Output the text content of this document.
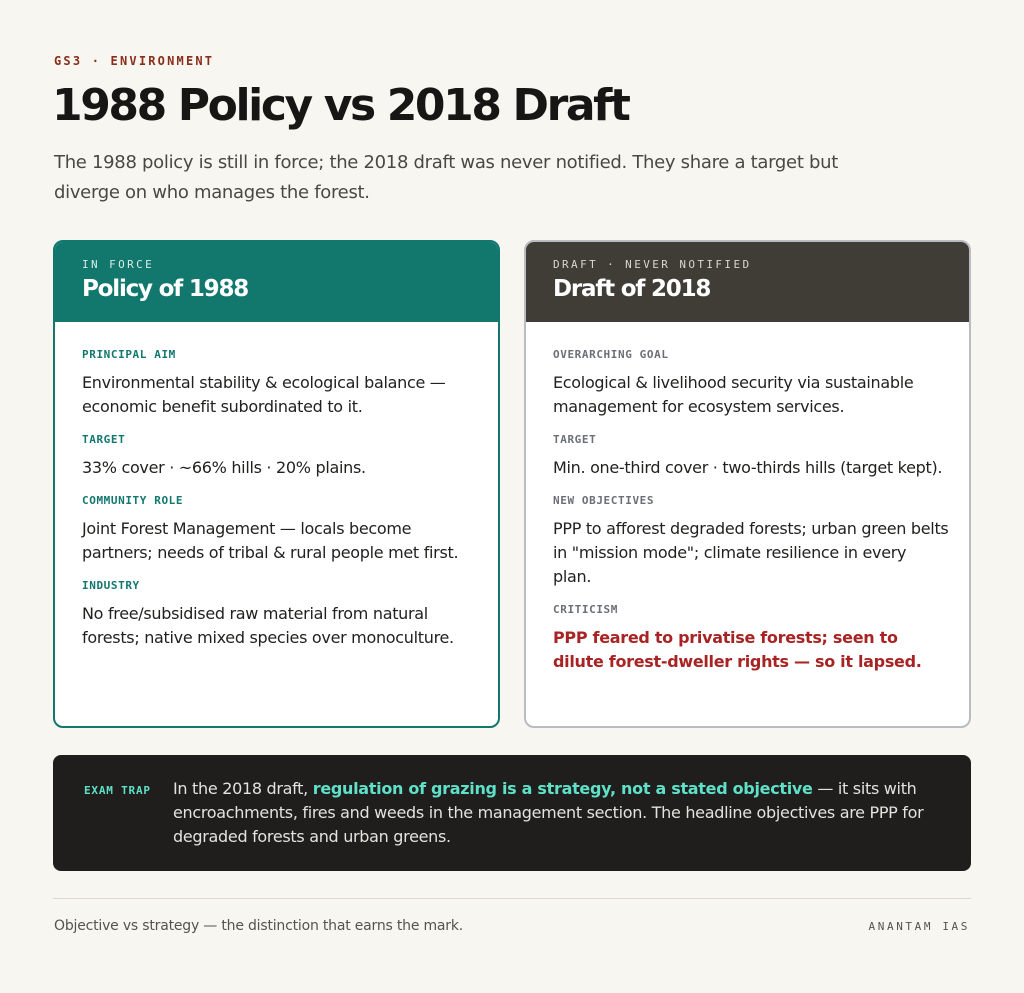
GS3 · ENVIRONMENT
1988 Policy vs 2018 Draft

The 1988 policy is still in force; the 2018 draft was never notified. They share a target but diverge on who manages the forest.

IN FORCE
Policy of 1988
PRINCIPAL AIM
Environmental stability & ecological balance — economic benefit subordinated to it.
TARGET
33% cover · ~66% hills · 20% plains.
COMMUNITY ROLE
Joint Forest Management — locals become partners; needs of tribal & rural people met first.
INDUSTRY
No free/subsidised raw material from natural forests; native mixed species over monoculture.
DRAFT · NEVER NOTIFIED
Draft of 2018
OVERARCHING GOAL
Ecological & livelihood security via sustainable management for ecosystem services.
TARGET
Min. one-third cover · two-thirds hills (target kept).
NEW OBJECTIVES
PPP to afforest degraded forests; urban green belts in "mission mode"; climate resilience in every plan.
CRITICISM
PPP feared to privatise forests; seen to dilute forest-dweller rights — so it lapsed.
EXAM TRAP In the 2018 draft, regulation of grazing is a strategy, not a stated objective — it sits with encroachments, fires and weeds in the management section. The headline objectives are PPP for degraded forests and urban greens.
Objective vs strategy — the distinction that earns the mark.	ANANTAM IAS
